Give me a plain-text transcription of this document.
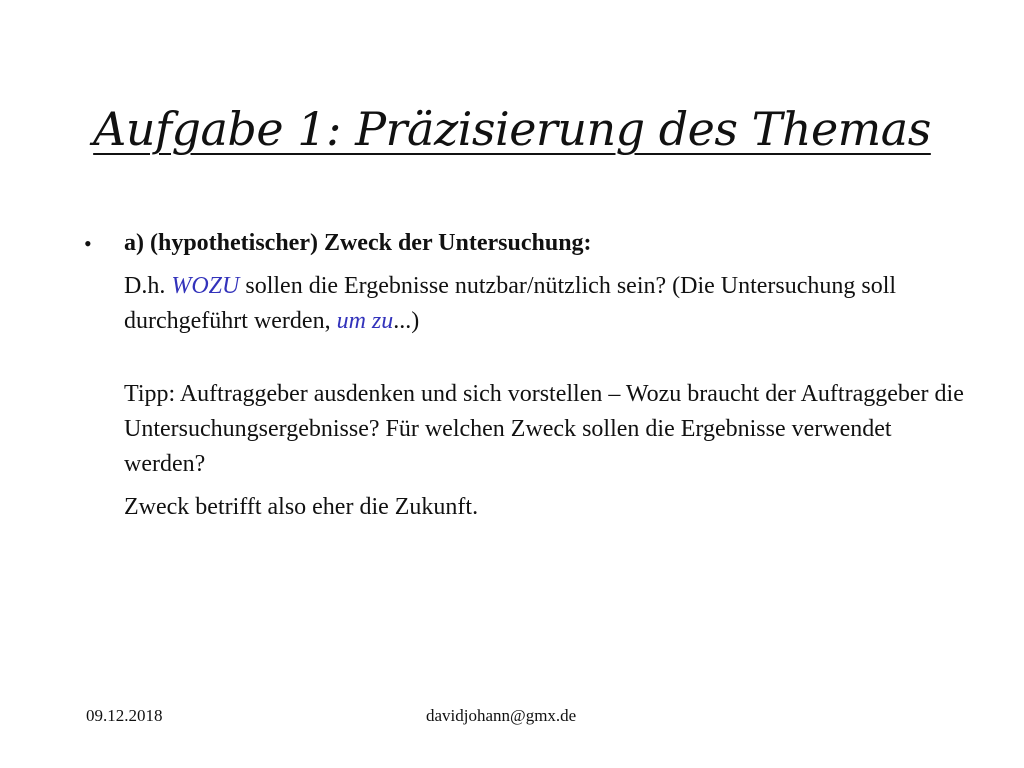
Aufgabe 1: Präzisierung des Themas
•	a) (hypothetischer) Zweck der Untersuchung:
D.h. WOZU sollen die Ergebnisse nutzbar/nützlich sein? (Die Untersuchung soll durchgeführt werden, um zu...)
Tipp: Auftraggeber ausdenken und sich vorstellen – Wozu braucht der Auftraggeber die Untersuchungsergebnisse? Für welchen Zweck sollen die Ergebnisse verwendet werden?
Zweck betrifft also eher die Zukunft.
09.12.2018	davidjohann@gmx.de
